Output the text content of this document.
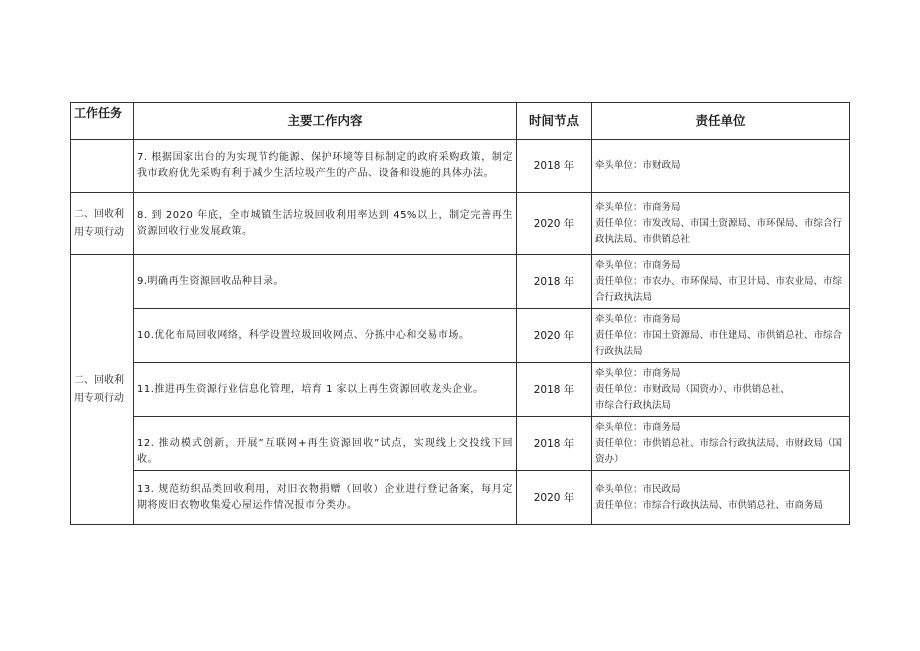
工作任务	主要工作内容	时间节点	责任单位
	7. 根据国家出台的为实现节约能源、保护环境等目标制定的政府采购政策，制定我市政府优先采购有利于减少生活垃圾产生的产品、设备和设施的具体办法。	2018 年	牵头单位：市财政局

二、回收利用专项行动	8. 到 2020 年底，全市城镇生活垃圾回收利用率达到 45%以上，制定完善再生资源回收行业发展政策。	2020 年	牵头单位：市商务局
责任单位：市发改局、市国土资源局、市环保局、市综合行政执法局、市供销总社

二、回收利用专项行动	9.明确再生资源回收品种目录。	2018 年	牵头单位：市商务局
责任单位：市农办、市环保局、市卫计局、市农业局、市综合行政执法局

	10.优化布局回收网络，科学设置垃圾回收网点、分拣中心和交易市场。	2020 年	牵头单位：市商务局
责任单位：市国土资源局、市住建局、市供销总社、市综合行政执法局

	11.推进再生资源行业信息化管理，培育 1 家以上再生资源回收龙头企业。	2018 年	牵头单位：市商务局
责任单位：市财政局（国资办）、市供销总社、
市综合行政执法局

	12. 推动模式创新，开展”互联网+再生资源回收”试点，实现线上交投线下回收。	2018 年	牵头单位：市商务局
责任单位：市供销总社、市综合行政执法局、市财政局（国资办）

	13. 规范纺织品类回收利用，对旧衣物捐赠（回收）企业进行登记备案，每月定期将废旧衣物收集爱心屋运作情况报市分类办。	2020 年	牵头单位：市民政局
责任单位：市综合行政执法局、市供销总社、市商务局
